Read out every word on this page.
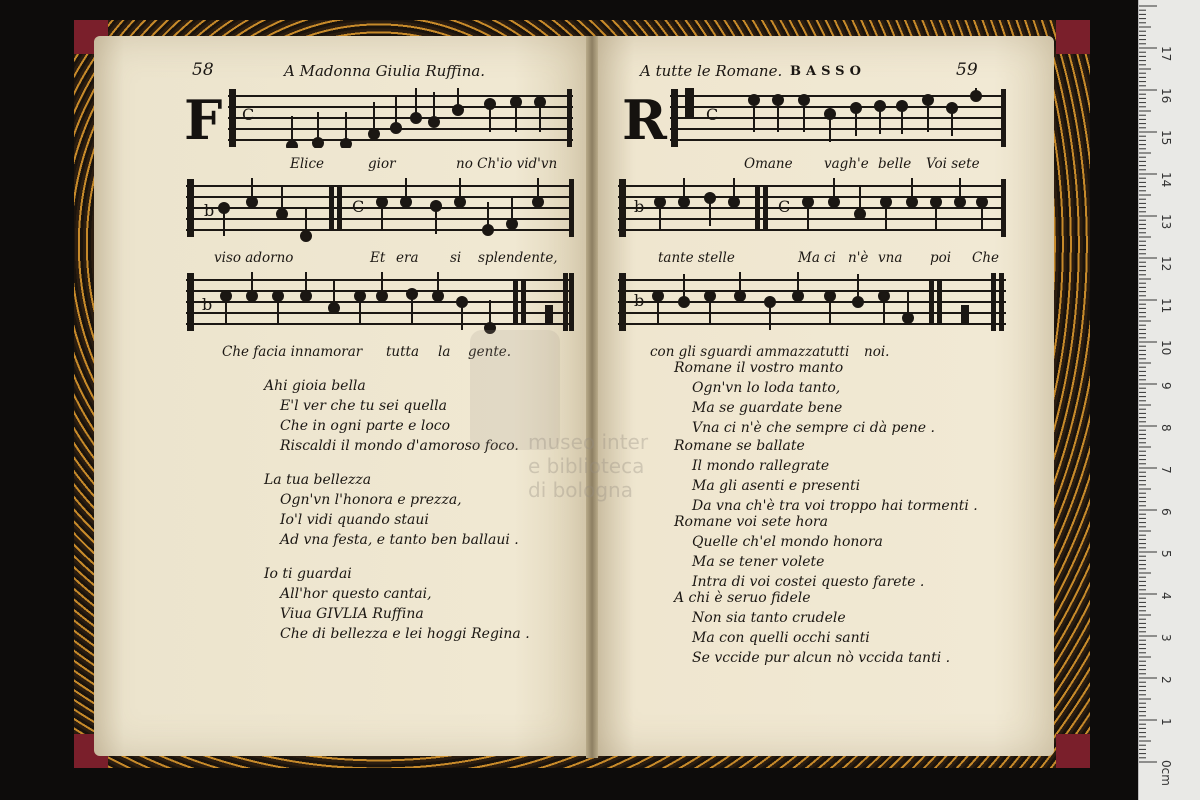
58	A Madonna Giulia Ruffina.
F C
Elice	gior	no Ch'io vid'vn
b	C
viso adorno	Et era si splendente,
b
Che facia innamorar tutta la gente.
Ahi gioia bella
E'l ver che tu sei quella
Che in ogni parte e loco
Riscaldi il mondo d'amoroso foco.
La tua bellezza
Ogn'vn l'honora e prezza,
Io'l vidi quando staui
Ad vna festa, e tanto ben ballaui .
Io ti guardai
All'hor questo cantai,
Viua GIVLIA Ruffina
Che di bellezza e lei hoggi Regina .
A tutte le Romane. BASSO	59
R C
Omane vagh'e belle Voi sete
b	C
tante stelle	Ma ci n'è vna poi Che
b
con gli sguardi ammazza tutti noi.
Romane il vostro manto
Ogn'vn lo loda tanto,
Ma se guardate bene
Vna ci n'è che sempre ci dà pene .
Romane se ballate
Il mondo rallegrate
Ma gli asenti e presenti
Da vna ch'è tra voi troppo hai tormenti .
Romane voi sete hora
Quelle ch'el mondo honora
Ma se tener volete
Intra di voi costei questo farete .
A chi è seruo fidele
Non sia tanto crudele
Ma con quelli occhi santi
Se vccide pur alcun nò vccida tanti .
museo inter
e biblioteca
di bologna
0cm
1
2
3
4
5
6
7
8
9
10
11
12
13
14
15
16
17
